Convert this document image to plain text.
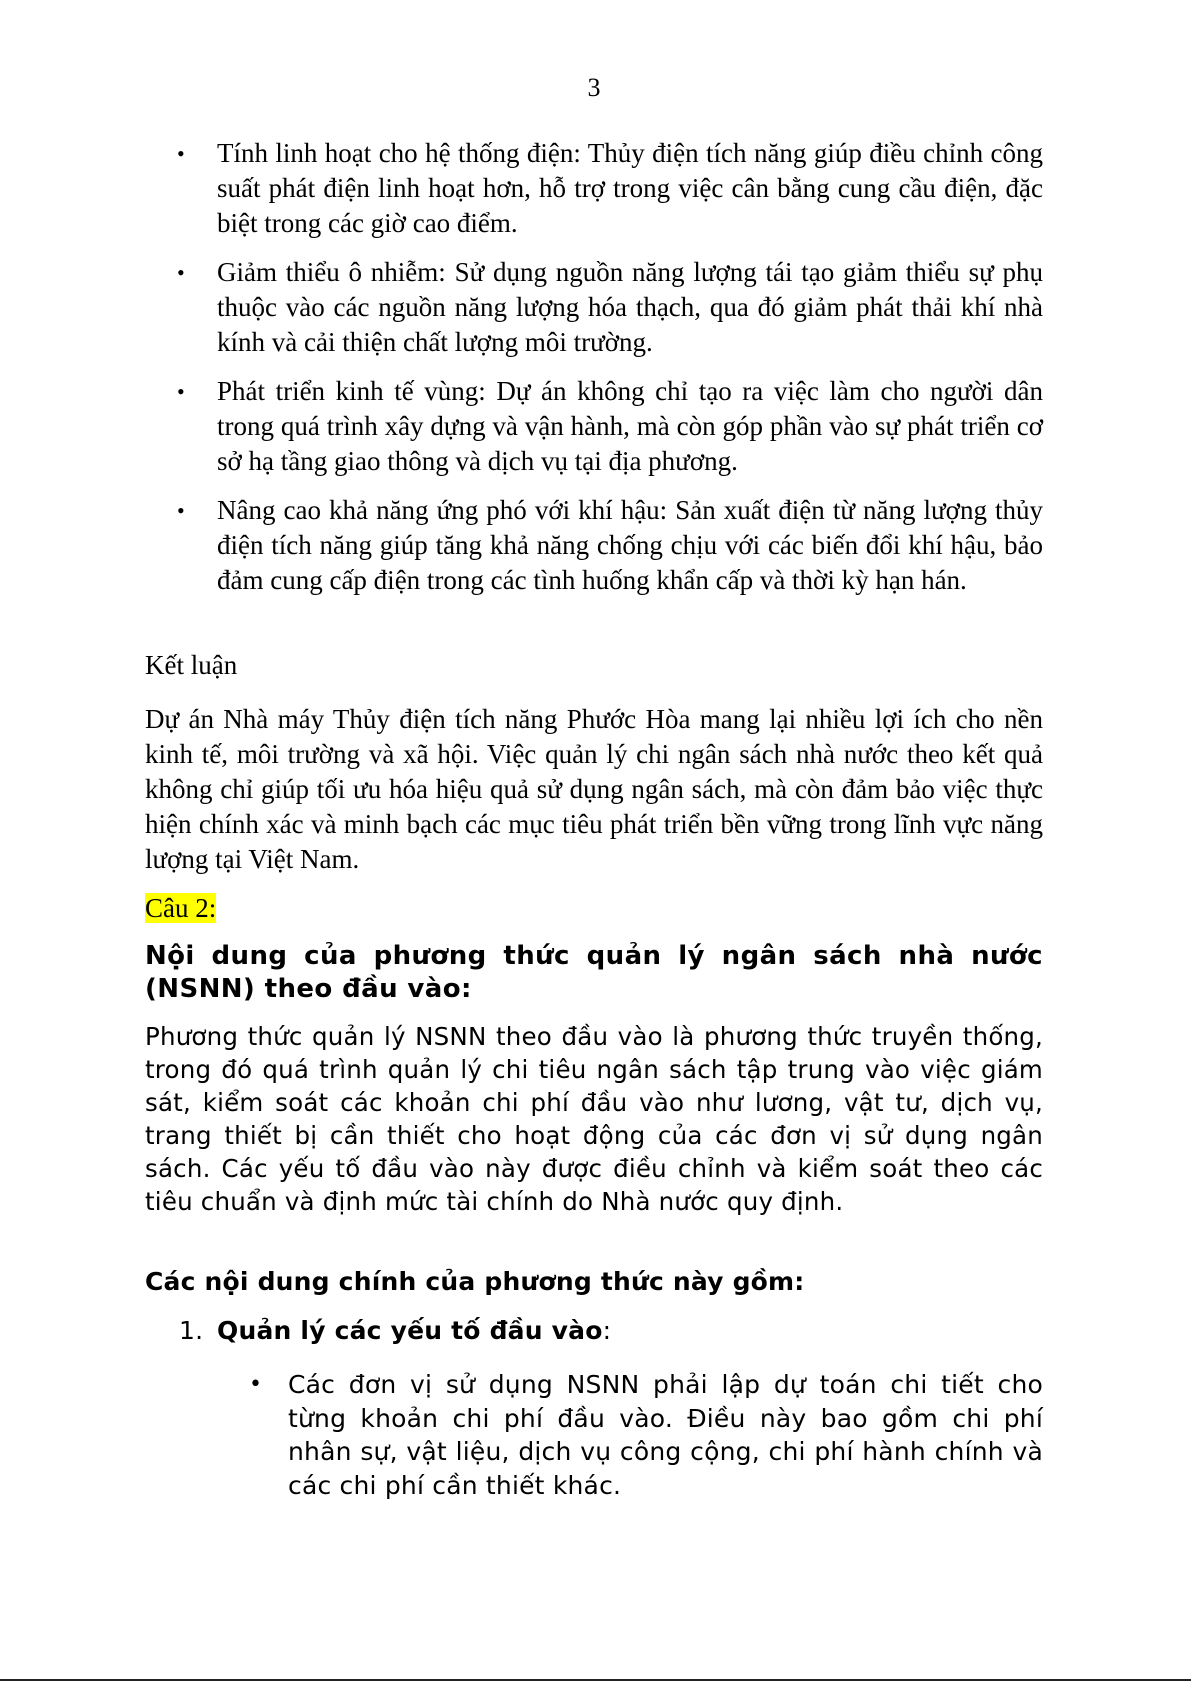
3
• Tính linh hoạt cho hệ thống điện: Thủy điện tích năng giúp điều chỉnh công suất phát điện linh hoạt hơn, hỗ trợ trong việc cân bằng cung cầu điện, đặc biệt trong các giờ cao điểm.
• Giảm thiểu ô nhiễm: Sử dụng nguồn năng lượng tái tạo giảm thiểu sự phụ thuộc vào các nguồn năng lượng hóa thạch, qua đó giảm phát thải khí nhà kính và cải thiện chất lượng môi trường.
• Phát triển kinh tế vùng: Dự án không chỉ tạo ra việc làm cho người dân trong quá trình xây dựng và vận hành, mà còn góp phần vào sự phát triển cơ sở hạ tầng giao thông và dịch vụ tại địa phương.
• Nâng cao khả năng ứng phó với khí hậu: Sản xuất điện từ năng lượng thủy điện tích năng giúp tăng khả năng chống chịu với các biến đổi khí hậu, bảo đảm cung cấp điện trong các tình huống khẩn cấp và thời kỳ hạn hán.

Kết luận

Dự án Nhà máy Thủy điện tích năng Phước Hòa mang lại nhiều lợi ích cho nền kinh tế, môi trường và xã hội. Việc quản lý chi ngân sách nhà nước theo kết quả không chỉ giúp tối ưu hóa hiệu quả sử dụng ngân sách, mà còn đảm bảo việc thực hiện chính xác và minh bạch các mục tiêu phát triển bền vững trong lĩnh vực năng lượng tại Việt Nam.

Câu 2:

Nội dung của phương thức quản lý ngân sách nhà nước (NSNN) theo đầu vào:

Phương thức quản lý NSNN theo đầu vào là phương thức truyền thống, trong đó quá trình quản lý chi tiêu ngân sách tập trung vào việc giám sát, kiểm soát các khoản chi phí đầu vào như lương, vật tư, dịch vụ, trang thiết bị cần thiết cho hoạt động của các đơn vị sử dụng ngân sách. Các yếu tố đầu vào này được điều chỉnh và kiểm soát theo các tiêu chuẩn và định mức tài chính do Nhà nước quy định.

Các nội dung chính của phương thức này gồm:

1. Quản lý các yếu tố đầu vào:

• Các đơn vị sử dụng NSNN phải lập dự toán chi tiết cho từng khoản chi phí đầu vào. Điều này bao gồm chi phí nhân sự, vật liệu, dịch vụ công cộng, chi phí hành chính và các chi phí cần thiết khác.
